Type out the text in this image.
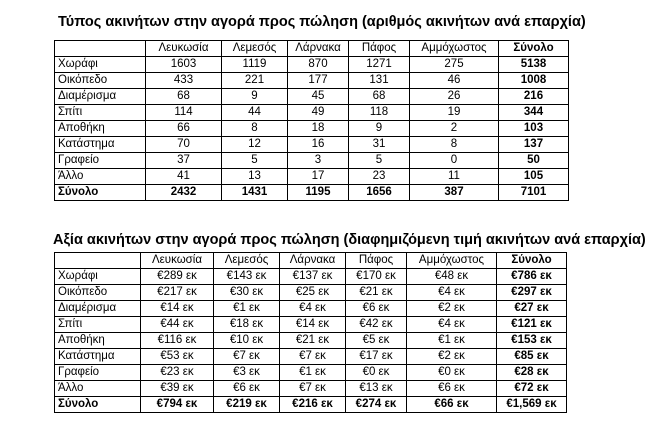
Τύπος ακινήτων στην αγορά προς πώληση (αριθμός ακινήτων ανά επαρχία)
	Λευκωσία	Λεμεσός	Λάρνακα	Πάφος	Αμμόχωστος	Σύνολο
Χωράφι	1603	1119	870	1271	275	5138
Οικόπεδο	433	221	177	131	46	1008
Διαμέρισμα	68	9	45	68	26	216
Σπίτι	114	44	49	118	19	344
Αποθήκη	66	8	18	9	2	103
Κατάστημα	70	12	16	31	8	137
Γραφείο	37	5	3	5	0	50
Άλλο	41	13	17	23	11	105
Σύνολο	2432	1431	1195	1656	387	7101
Αξία ακινήτων στην αγορά προς πώληση (διαφημιζόμενη τιμή ακινήτων ανά επαρχία)
	Λευκωσία	Λεμεσός	Λάρνακα	Πάφος	Αμμόχωστος	Σύνολο
Χωράφι	€289 εκ	€143 εκ	€137 εκ	€170 εκ	€48 εκ	€786 εκ
Οικόπεδο	€217 εκ	€30 εκ	€25 εκ	€21 εκ	€4 εκ	€297 εκ
Διαμέρισμα	€14 εκ	€1 εκ	€4 εκ	€6 εκ	€2 εκ	€27 εκ
Σπίτι	€44 εκ	€18 εκ	€14 εκ	€42 εκ	€4 εκ	€121 εκ
Αποθήκη	€116 εκ	€10 εκ	€21 εκ	€5 εκ	€1 εκ	€153 εκ
Κατάστημα	€53 εκ	€7 εκ	€7 εκ	€17 εκ	€2 εκ	€85 εκ
Γραφείο	€23 εκ	€3 εκ	€1 εκ	€0 εκ	€0 εκ	€28 εκ
Άλλο	€39 εκ	€6 εκ	€7 εκ	€13 εκ	€6 εκ	€72 εκ
Σύνολο	€794 εκ	€219 εκ	€216 εκ	€274 εκ	€66 εκ	€1,569 εκ
